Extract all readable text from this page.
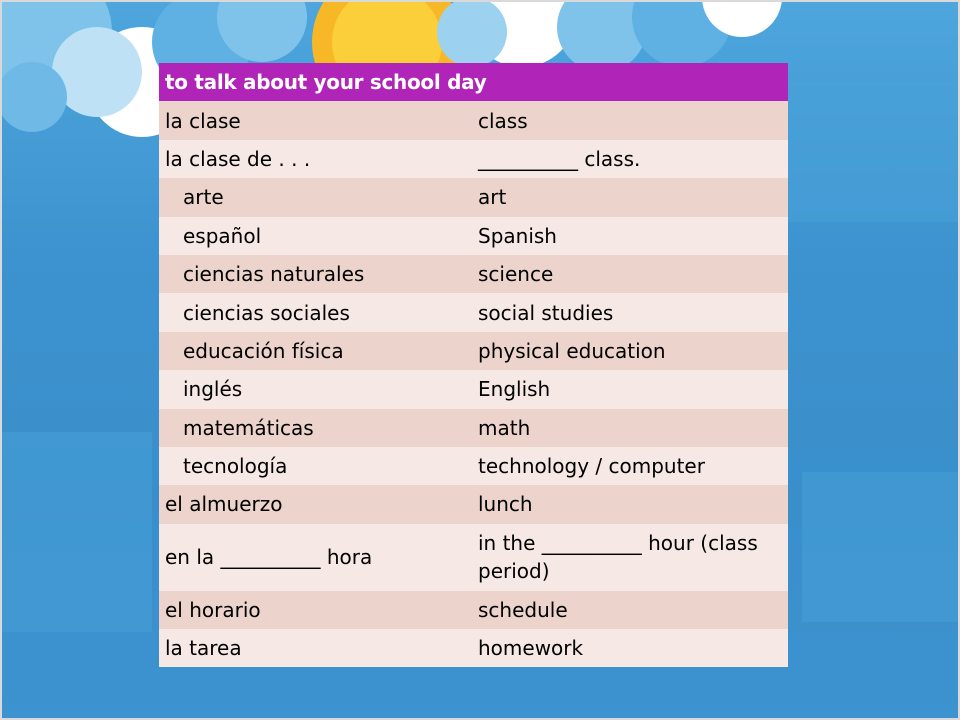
to talk about your school day	
la clase	class
la clase de . . .	__________ class.
arte	art
español	Spanish
ciencias naturales	science
ciencias sociales	social studies
educación física	physical education
inglés	English
matemáticas	math
tecnología	technology / computer
el almuerzo	lunch
en la __________ hora	in the __________ hour (class period)
el horario	schedule
la tarea	homework
